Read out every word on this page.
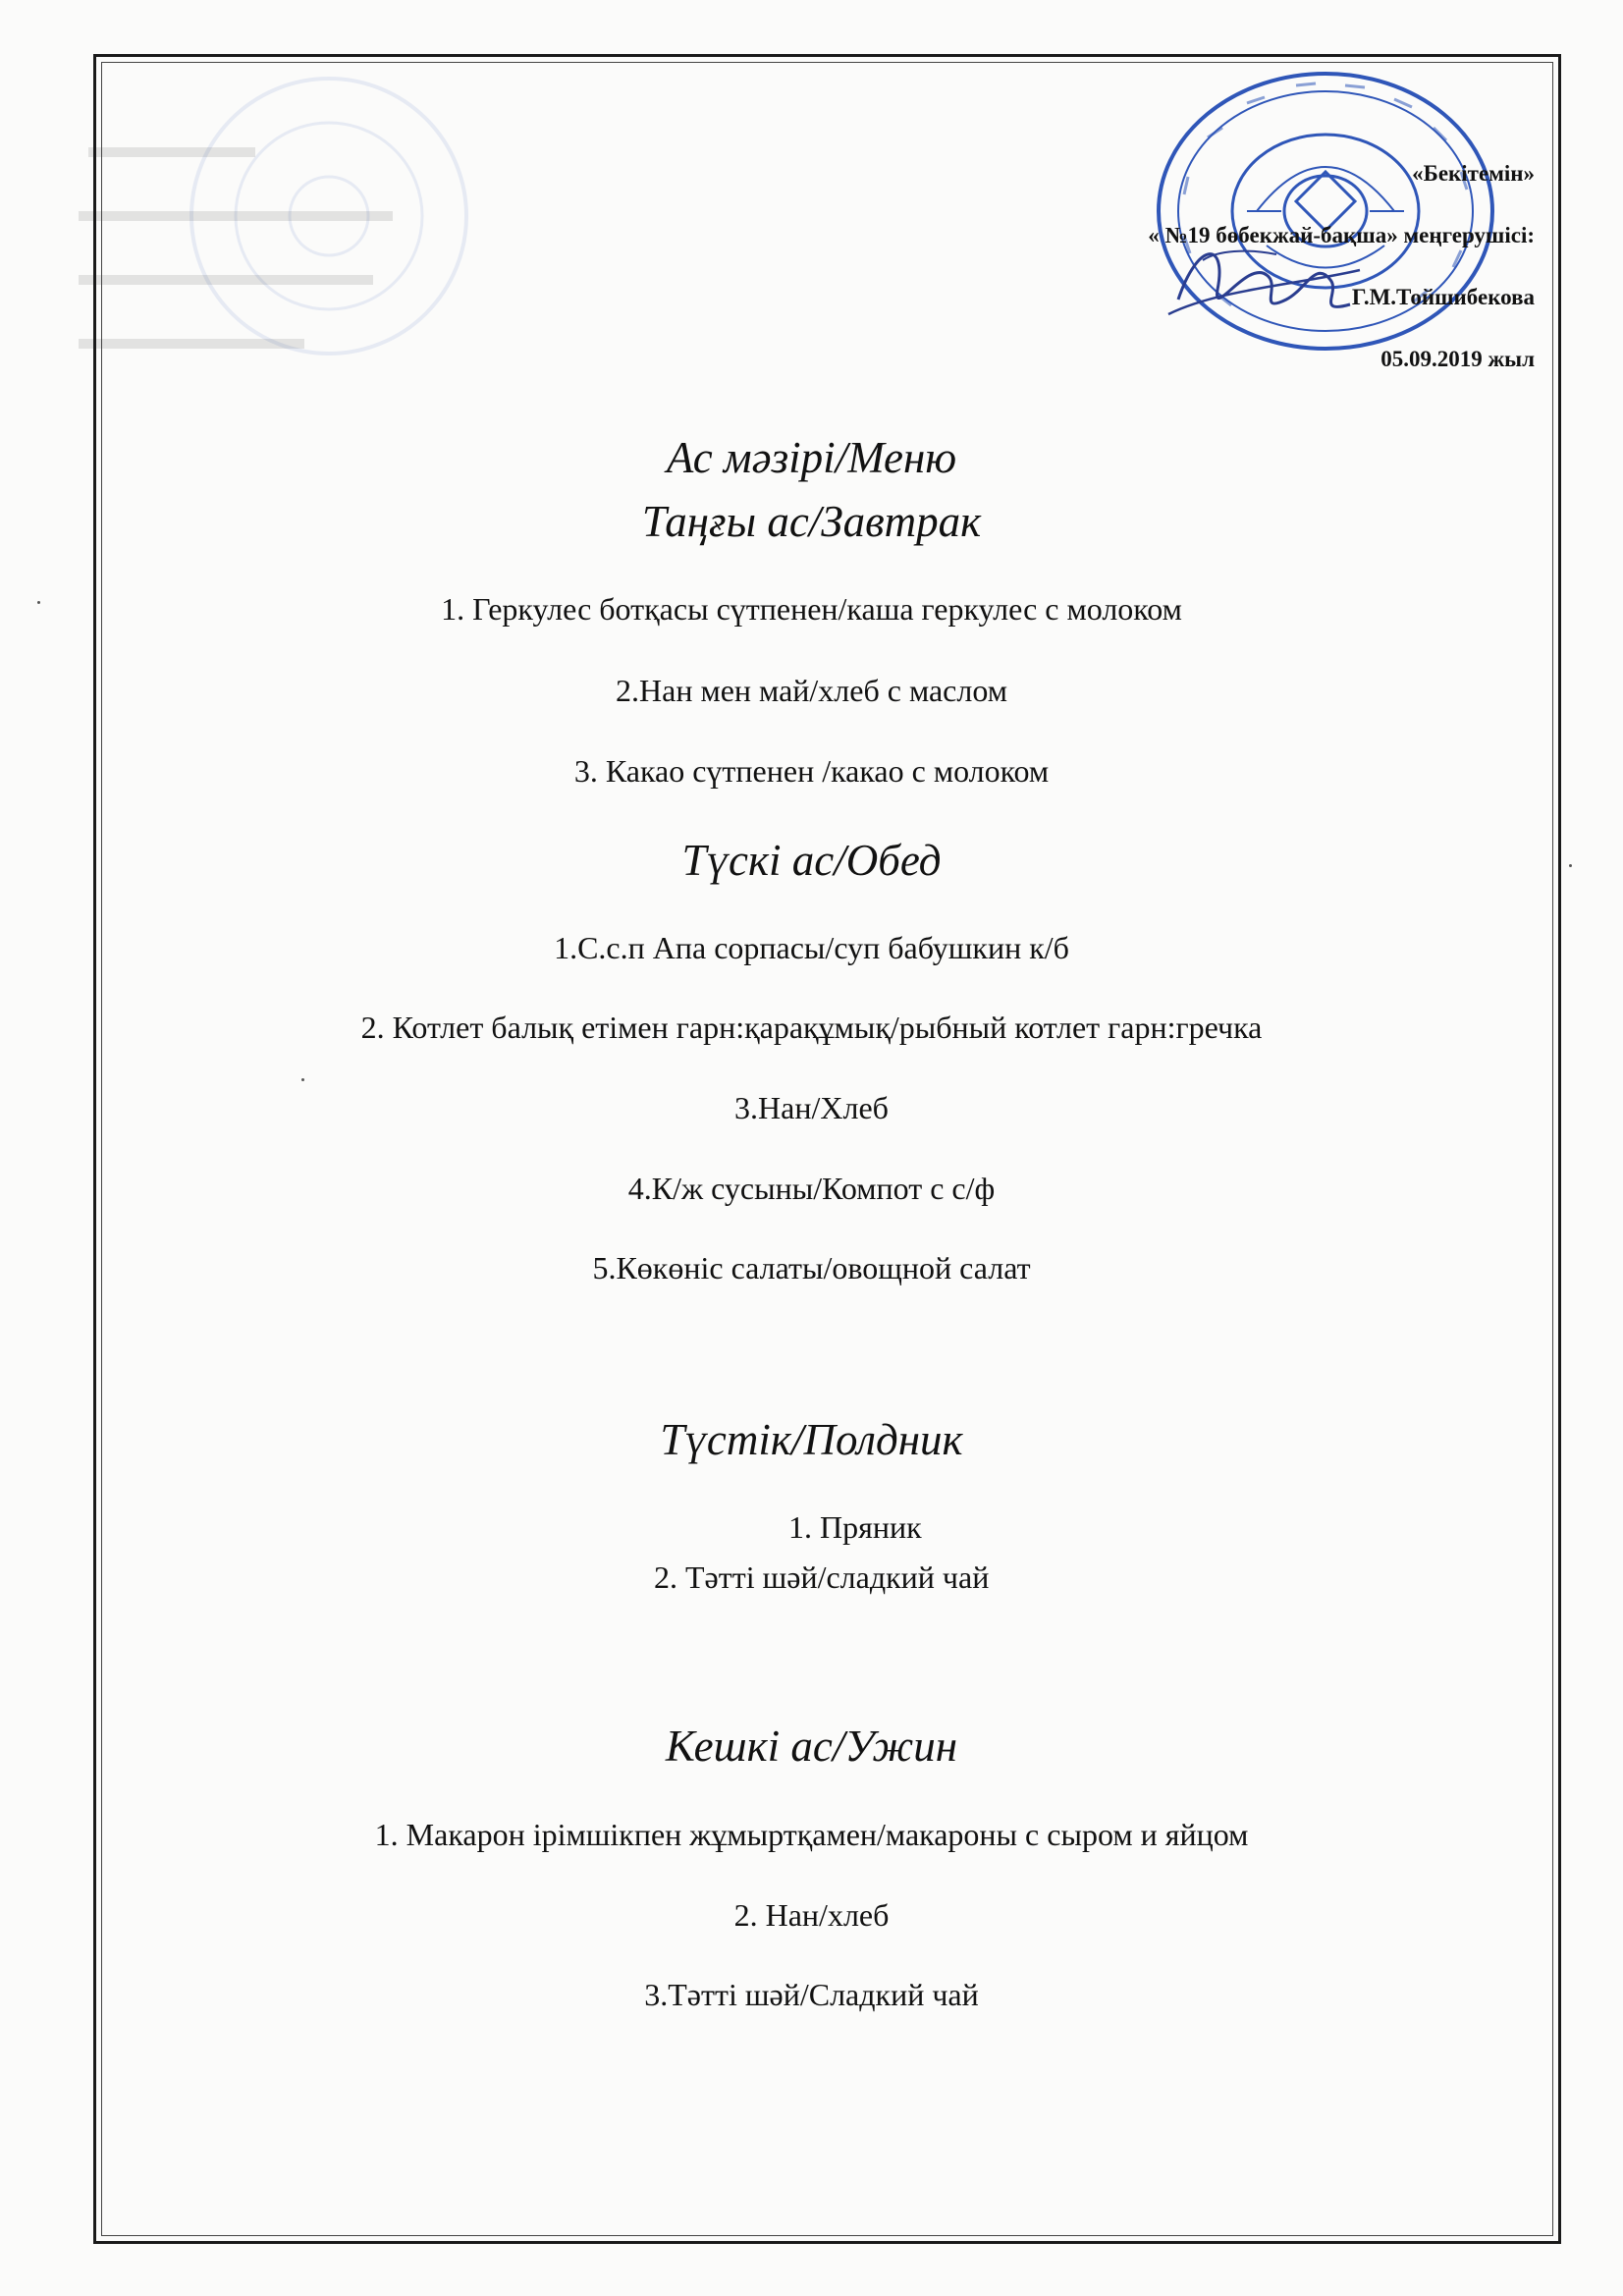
«Бекітемін»
« №19 бөбекжай-бақша» меңгерушісі:
Г.М.Тойшибекова
05.09.2019 жыл
Ас мәзірі/Меню
Таңғы ас/Завтрак
1. Геркулес ботқасы сүтпенен/каша геркулес с молоком
2.Нан мен май/хлеб с маслом
3. Какао сүтпенен /какао с молоком
Түскі ас/Обед
1.С.с.п Апа сорпасы/суп бабушкин к/б
2. Котлет балық етімен гарн:қарақұмық/рыбный котлет гарн:гречка
3.Нан/Хлеб
4.К/ж сусыны/Компот с с/ф
5.Көкөніс салаты/овощной салат
Түстік/Полдник
1. Пряник
2. Тәтті шәй/сладкий чай
Кешкі ас/Ужин
1. Макарон ірімшікпен жұмыртқамен/макароны с сыром и яйцом
2. Нан/хлеб
3.Тәтті шәй/Сладкий чай
